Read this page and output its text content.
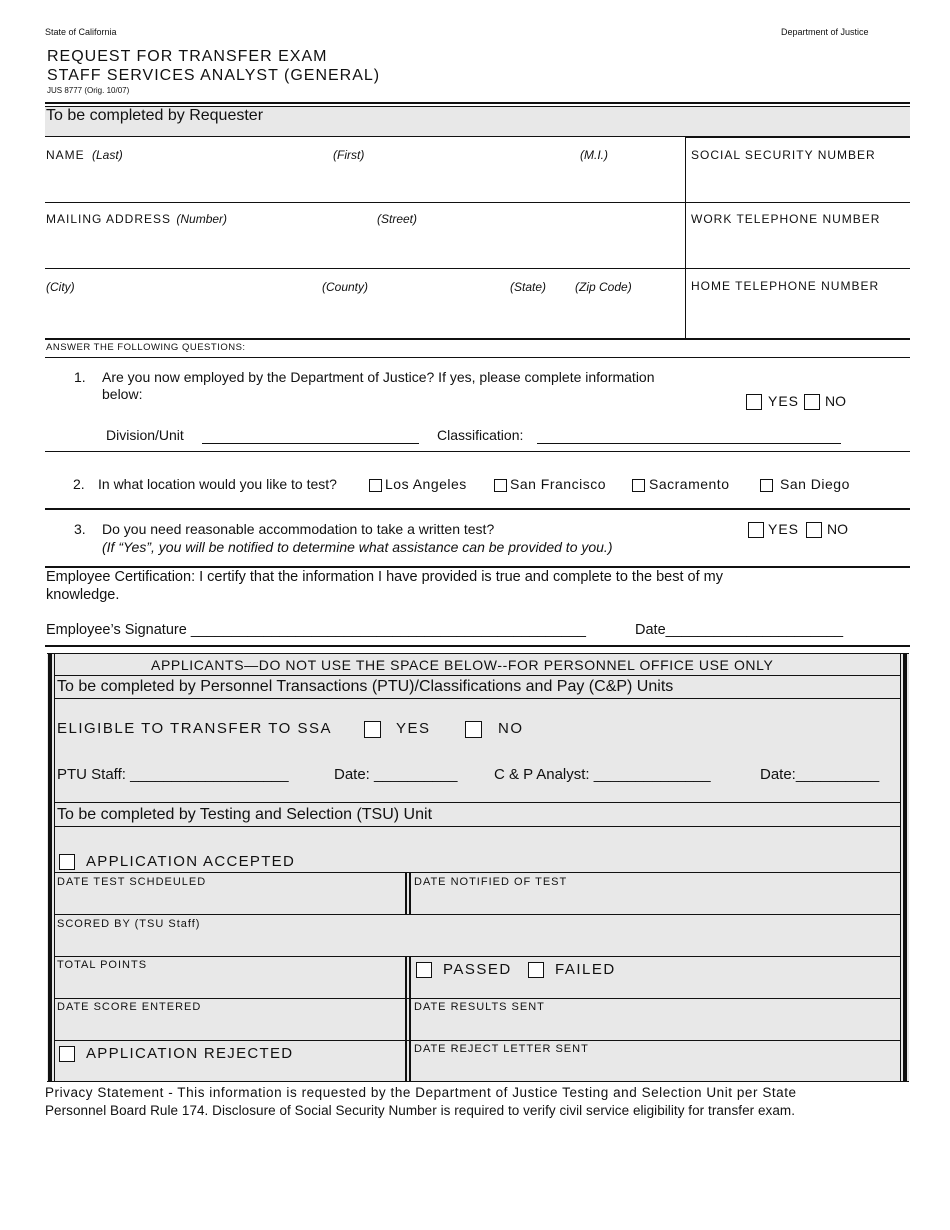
State of California	Department of Justice
REQUEST FOR TRANSFER EXAM
STAFF SERVICES ANALYST (GENERAL)
JUS 8777 (Orig. 10/07)
To be completed by Requester
NAME (Last)	(First)	(M.I.)	SOCIAL SECURITY NUMBER
MAILING ADDRESS (Number)	(Street)	WORK TELEPHONE NUMBER
(City)	(County)	(State) (Zip Code)	HOME TELEPHONE NUMBER
ANSWER THE FOLLOWING QUESTIONS:
1. Are you now employed by the Department of Justice? If yes, please complete information
below:	YES NO
Division/Unit	Classification:
2. In what location would you like to test?	Los Angeles	San Francisco	Sacramento	San Diego
3. Do you need reasonable accommodation to take a written test?
(If “Yes”, you will be notified to determine what assistance can be provided to you.)
YES NO
Employee Certification: I certify that the information I have provided is true and complete to the best of my
knowledge.
Employee’s Signature _________________________________________________	Date______________________
APPLICANTS—DO NOT USE THE SPACE BELOW--FOR PERSONNEL OFFICE USE ONLY
To be completed by Personnel Transactions (PTU)/Classifications and Pay (C&P) Units
ELIGIBLE TO TRANSFER TO SSA	YES	NO
PTU Staff: ___________________	Date: __________ C & P Analyst: ______________	Date:__________
To be completed by Testing and Selection (TSU) Unit
APPLICATION ACCEPTED
DATE TEST SCHDEULED	DATE NOTIFIED OF TEST
SCORED BY (TSU Staff)
TOTAL POINTS	PASSED	FAILED
DATE SCORE ENTERED	DATE RESULTS SENT
APPLICATION REJECTED	DATE REJECT LETTER SENT
Privacy Statement - This information is requested by the Department of Justice Testing and Selection Unit per State
Personnel Board Rule 174. Disclosure of Social Security Number is required to verify civil service eligibility for transfer exam.
